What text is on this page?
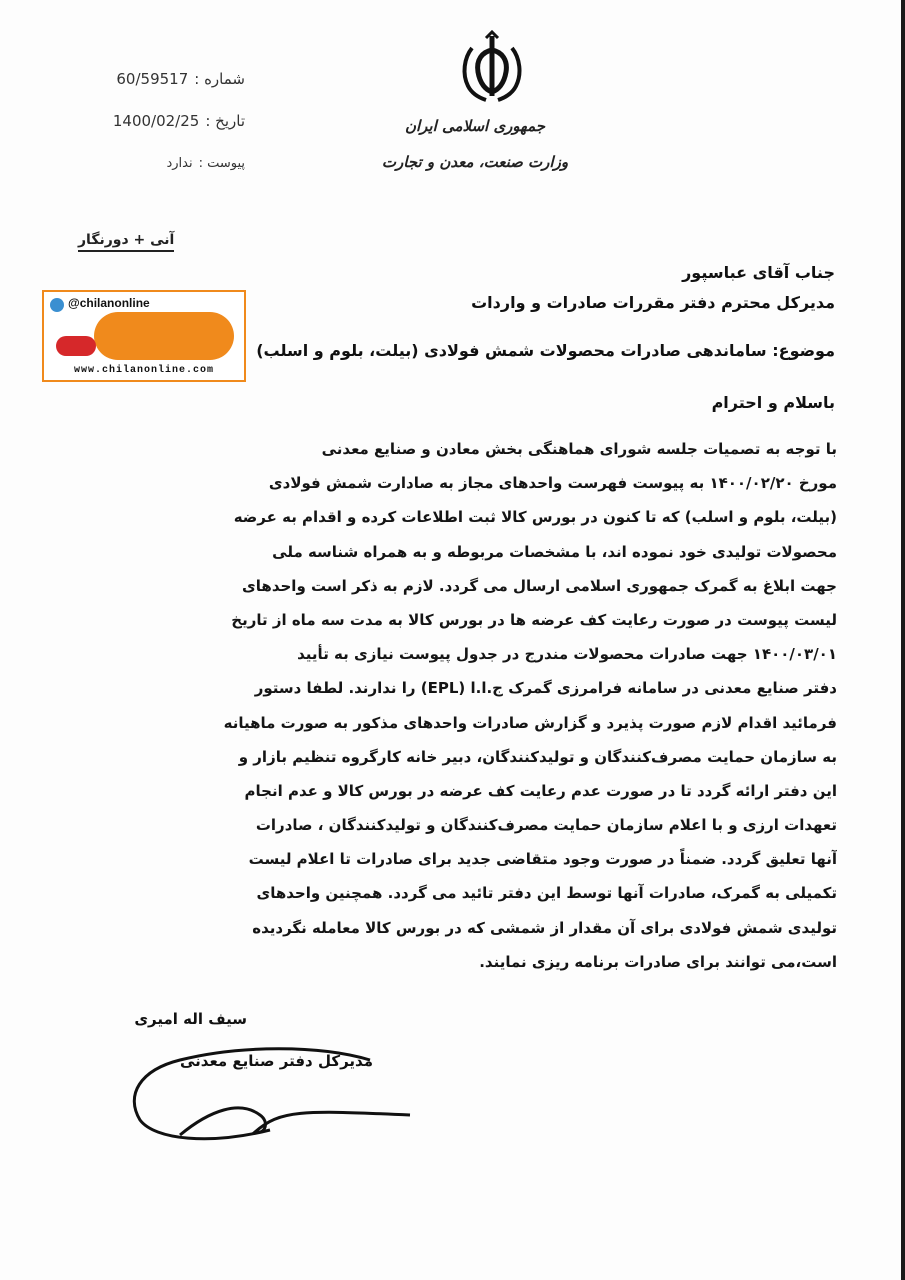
شماره :
60/59517
تاریخ :
1400/02/25
پیوست :
ندارد
آنی + دورنگار
جمهوری اسلامی ایران
وزارت صنعت، معدن و تجارت
@chilanonline
www.chilanonline.com
جناب آقای عباسپور
مدیرکل محترم دفتر مقررات صادرات و واردات
موضوع: ساماندهی صادرات محصولات شمش فولادی (بیلت، بلوم و اسلب)
باسلام و احترام
با توجه به تصمیات جلسه شورای هماهنگی بخش معادن و صنایع معدنی
مورخ ۱۴۰۰/۰۲/۲۰ به پیوست فهرست واحدهای مجاز به صادارت شمش فولادی
(بیلت، بلوم و اسلب) که تا کنون در بورس کالا ثبت اطلاعات کرده و اقدام به عرضه
محصولات تولیدی خود نموده اند، با مشخصات مربوطه و به همراه شناسه ملی
جهت ابلاغ به گمرک جمهوری اسلامی ارسال می گردد. لازم به ذکر است واحدهای
لیست پیوست در صورت رعایت کف عرضه ها در بورس کالا به مدت سه ماه از تاریخ
۱۴۰۰/۰۳/۰۱ جهت صادرات محصولات مندرج در جدول پیوست نیازی به تأیید
دفتر صنایع معدنی در سامانه فرامرزی گمرک ج.ا.ا (EPL) را ندارند. لطفا دستور
فرمائید اقدام لازم صورت پذیرد و گزارش صادرات واحدهای مذکور به صورت ماهیانه
به سازمان حمایت مصرف‌کنندگان و تولیدکنندگان، دبیر خانه کارگروه تنظیم بازار و
این دفتر ارائه گردد تا در صورت عدم رعایت کف عرضه در بورس کالا و عدم انجام
تعهدات ارزی و با اعلام سازمان حمایت مصرف‌کنندگان و تولیدکنندگان ، صادرات
آنها تعلیق گردد. ضمناً در صورت وجود متقاضی جدید برای صادرات تا اعلام لیست
تکمیلی به گمرک، صادرات آنها توسط این دفتر تائید می گردد. همچنین واحدهای
تولیدی شمش فولادی برای آن مقدار از شمشی که در بورس کالا معامله نگردیده
است،می توانند برای صادرات برنامه ریزی نمایند.
سیف اله امیری
مدیرکل دفتر صنایع معدنی
